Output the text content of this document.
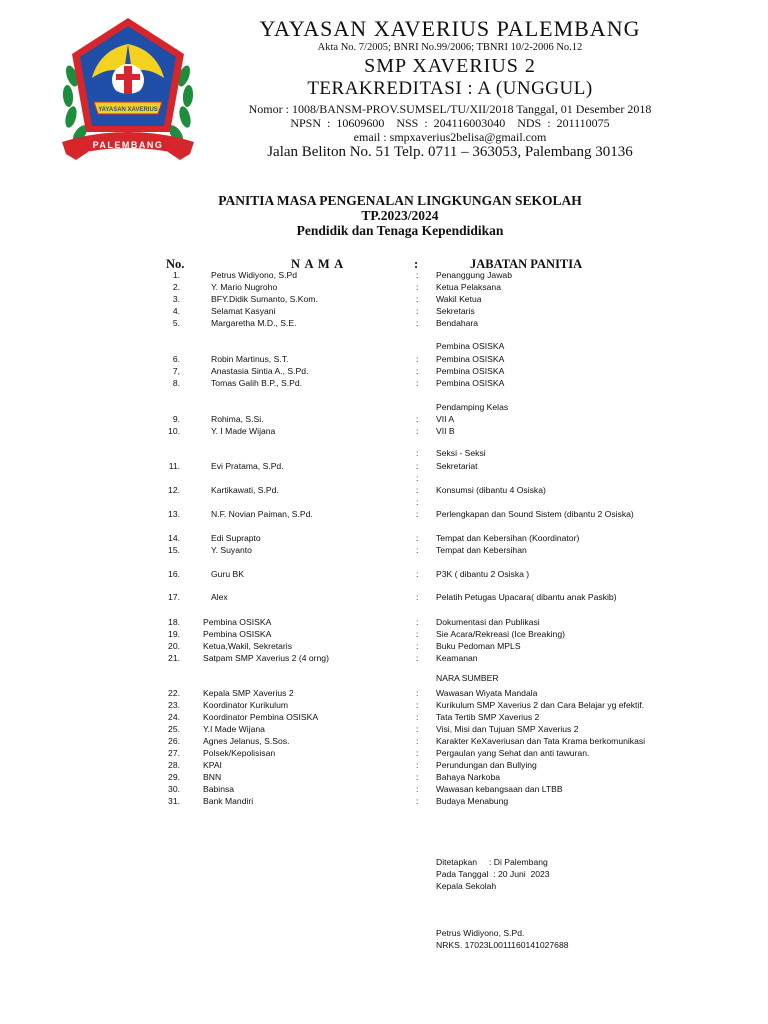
YAYASAN XAVERIUS
PALEMBANG
YAYASAN XAVERIUS PALEMBANG
Akta No. 7/2005; BNRI No.99/2006; TBNRI 10/2-2006 No.12
SMP XAVERIUS 2
TERAKREDITASI : A (UNGGUL)
Nomor : 1008/BANSM-PROV.SUMSEL/TU/XII/2018 Tanggal, 01 Desember 2018
NPSN  :  10609600    NSS  :  204116003040    NDS  :  201110075
email : smpxaverius2belisa@gmail.com
Jalan Beliton No. 51 Telp. 0711 – 363053, Palembang 30136
PANITIA MASA PENGENALAN LINGKUNGAN SEKOLAH
TP.2023/2024
Pendidik dan Tenaga Kependidikan
No.	N A M A	:	JABATAN PANITIA
Pembina OSISKA
Pendamping Kelas
Seksi - Seksi
NARA SUMBER
:
:
:
1.	Petrus Widiyono, S.Pd	: Penanggung Jawab
2.	Y. Mario Nugroho	: Ketua Pelaksana
3.	BFY.Didik Sumanto, S.Kom.	: Wakil Ketua
4.	Selamat Kasyani	: Sekretaris
5.	Margaretha M.D., S.E.	: Bendahara
6.	Robin Martinus, S.T.	: Pembina OSISKA
7,	Anastasia Sintia A., S.Pd.	: Pembina OSISKA
8.	Tomas Galih B.P., S.Pd.	: Pembina OSISKA
9.	Rohima, S.Si.	: VII A
10.	Y. I Made Wijana	: VII B
11.	Evi Pratama, S.Pd.	: Sekretariat
12.	Kartikawati, S.Pd.	: Konsumsi (dibantu 4 Osiska)
13.	N.F. Novian Paiman, S.Pd.	: Perlengkapan dan Sound Sistem (dibantu 2 Osiska)
14.	Edi Suprapto	: Tempat dan Kebersihan (Koordinator)
15.	Y. Suyanto	: Tempat dan Kebersihan
16.	Guru BK	: P3K ( dibantu 2 Osiska )
17.	Alex	: Pelatih Petugas Upacara( dibantu anak Paskib)
18.	Pembina OSISKA	: Dokumentasi dan Publikasi
19.	Pembina OSISKA	: Sie Acara/Rekreasi (Ice Breaking)
20.	Ketua,Wakil, Sekretaris	: Buku Pedoman MPLS
21.	Satpam SMP Xaverius 2 (4 orng)	: Keamanan
22.	Kepala SMP Xaverius 2	: Wawasan Wiyata Mandala
23.	Koordinator Kurikulum	: Kurikulum SMP Xaverius 2 dan Cara Belajar yg efektif.
24.	Koordinator Pembina OSISKA	: Tata Tertib SMP Xaverius 2
25.	Y.I Made Wijana	: Visi, Misi dan Tujuan SMP Xaverius 2
26.	Agnes Jelanus, S.Sos.	: Karakter KeXaveriusan dan Tata Krama berkomunikasi
27.	Polsek/Kepolisisan	: Pergaulan yang Sehat dan anti tawuran.
28.	KPAI	: Perundungan dan Bullying
29.	BNN	: Bahaya Narkoba
30.	Babinsa	: Wawasan kebangsaan dan LTBB
31.	Bank Mandiri	: Budaya Menabung
Ditetapkan     : Di Palembang
Pada Tanggal  : 20 Juni  2023
Kepala Sekolah
Petrus Widiyono, S.Pd.
NRKS. 17023L0011160141027688
